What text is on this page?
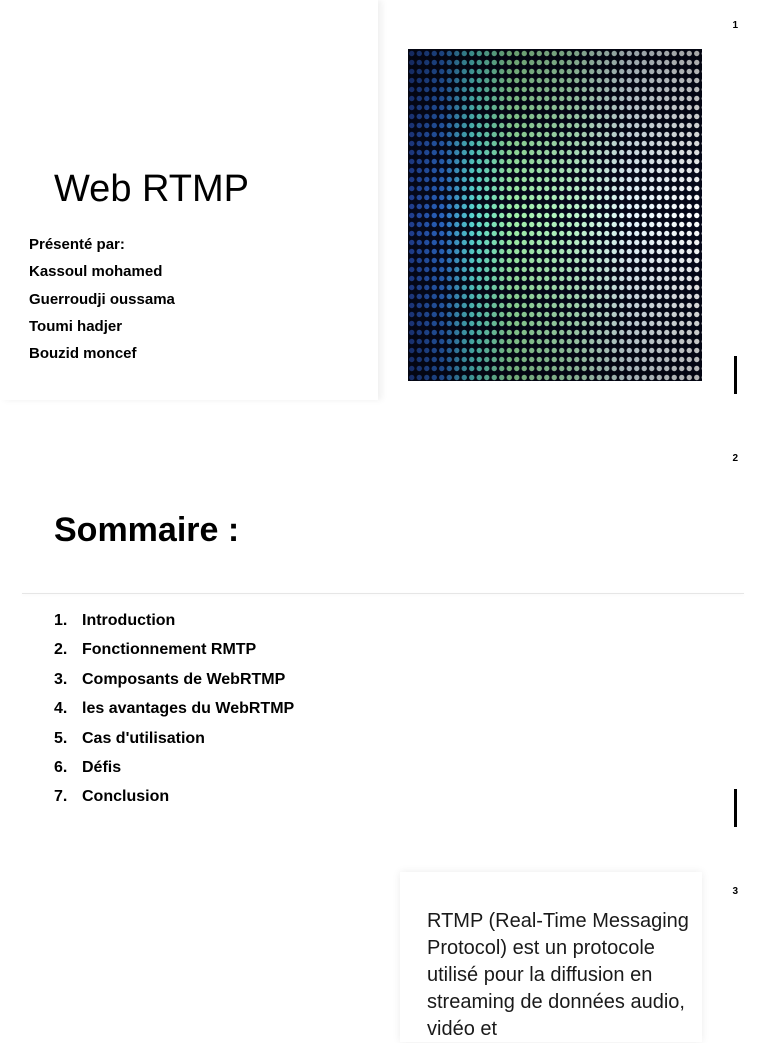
1
Web RTMP
Présenté par:
Kassoul mohamed
Guerroudji oussama
Toumi hadjer
Bouzid moncef
2
Sommaire :
1. Introduction
2. Fonctionnement RMTP
3. Composants de WebRTMP
4. les avantages du WebRTMP
5. Cas d'utilisation
6. Défis
7. Conclusion
3

RTMP (Real-Time Messaging Protocol) est un protocole utilisé pour la diffusion en streaming de données audio, vidéo et
